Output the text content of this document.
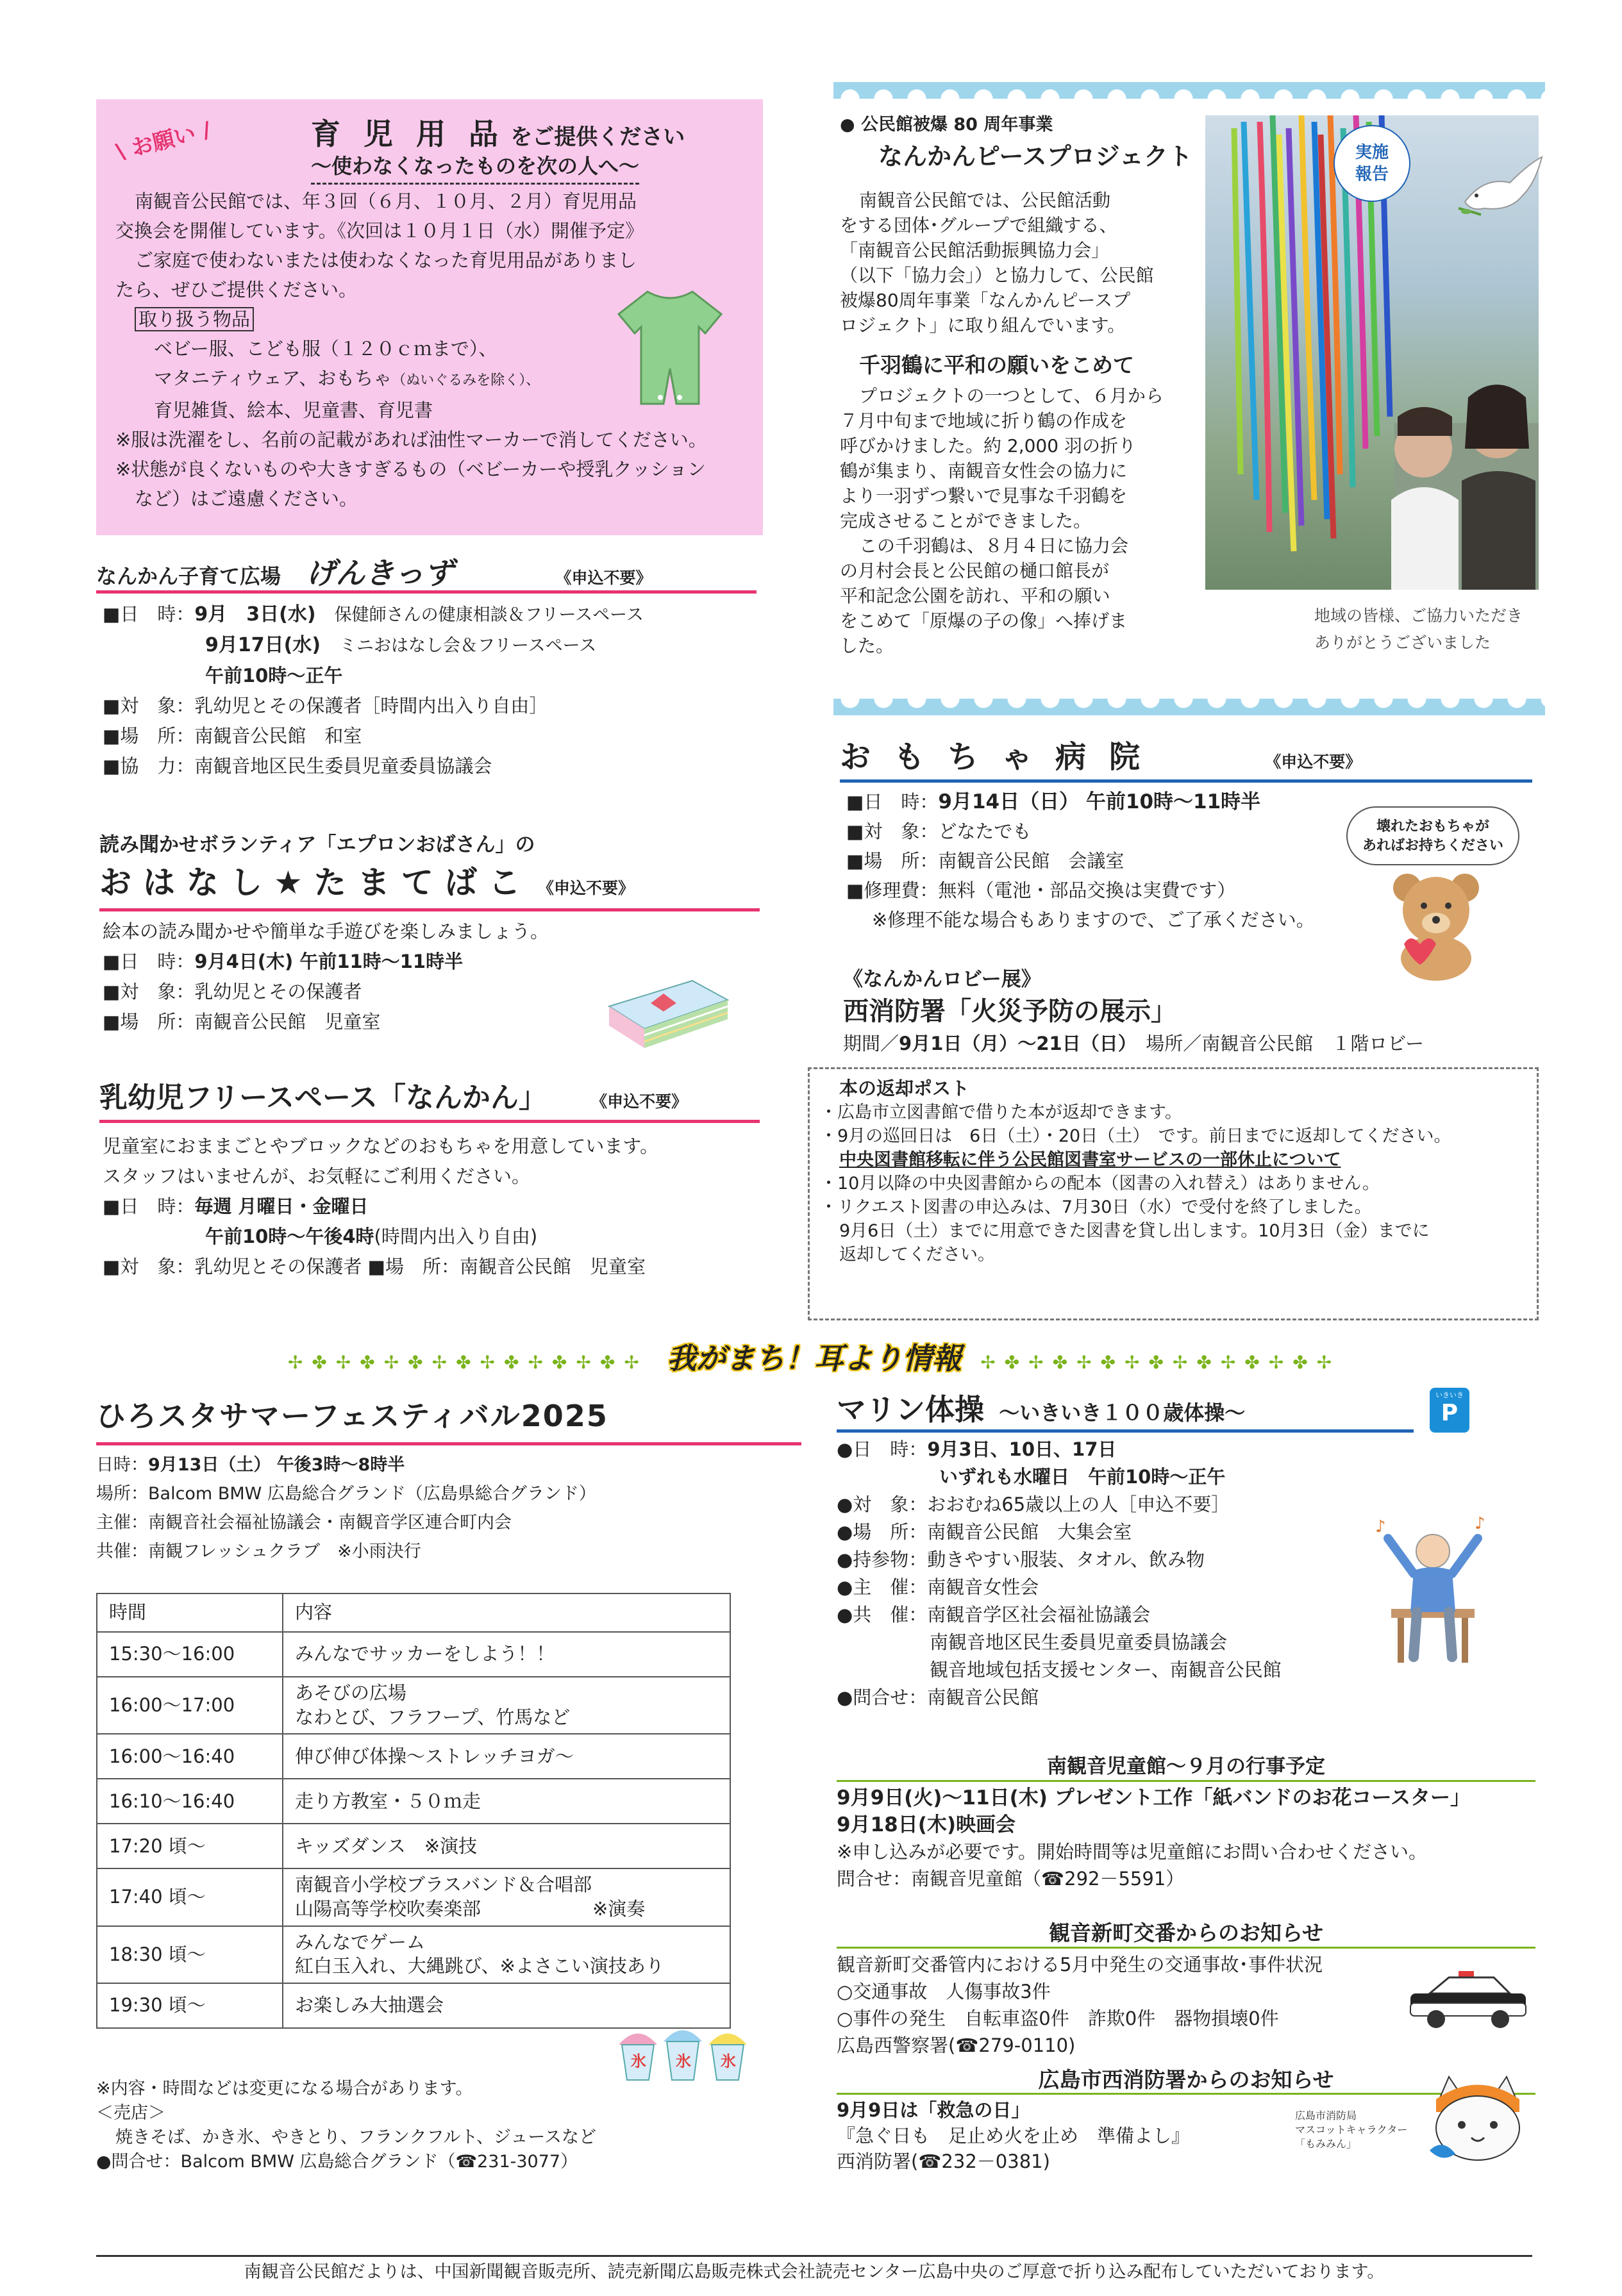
\ お願い /	育 児 用 品 をご提供ください
～使わなくなったものを次の人へ～
南観音公民館では、年３回（６月、１０月、２月）育児用品
交換会を開催しています。《次回は１０月１日（水）開催予定》
ご家庭で使わないまたは使わなくなった育児用品がありまし
たら、ぜひご提供ください。
取り扱う物品
ベビー服、こども服（１２０ｃｍまで）、
マタニティウェア、おもちゃ（ぬいぐるみを除く）、
育児雑貨、絵本、児童書、育児書
※服は洗濯をし、名前の記載があれば油性マーカーで消してください。
※状態が良くないものや大きすぎるもの（ベビーカーや授乳クッション
など）はご遠慮ください。
なんかん子育て広場 げんきっず	《申込不要》
■日　時：9月　3日(水)　 保健師さんの健康相談＆フリースペース
9月17日(水)　 ミニおはなし会＆フリースペース
午前10時～正午
■対　象：乳幼児とその保護者［時間内出入り自由］
■場　所：南観音公民館　和室
■協　力：南観音地区民生委員児童委員協議会
読み聞かせボランティア「エプロンおばさん」の
おはなし★たまてばこ 《申込不要》
絵本の読み聞かせや簡単な手遊びを楽しみましょう。
■日　時：9月4日(木) 午前11時～11時半
■対　象：乳幼児とその保護者
■場　所：南観音公民館　児童室
乳幼児フリースペース「なんかん」	《申込不要》
児童室におままごとやブロックなどのおもちゃを用意しています。
スタッフはいませんが、お気軽にご利用ください。
■日　時：毎週 月曜日・金曜日
午前10時～午後4時(時間内出入り自由)
■対　象：乳幼児とその保護者 ■場　所：南観音公民館　児童室
● 公民館被爆 80 周年事業
なんかんピースプロジェクト
南観音公民館では、公民館活動
をする団体･グループで組織する、
「南観音公民館活動振興協力会」
（以下「協力会」）と協力して、公民館
被爆80周年事業「なんかんピースプ
ロジェクト」に取り組んでいます。
千羽鶴に平和の願いをこめて
プロジェクトの一つとして、６月から
７月中旬まで地域に折り鶴の作成を
呼びかけました。約 2,000 羽の折り
鶴が集まり、南観音女性会の協力に
より一羽ずつ繋いで見事な千羽鶴を
完成させることができました。
この千羽鶴は、８月４日に協力会
の月村会長と公民館の樋口館長が
平和記念公園を訪れ、平和の願い
をこめて「原爆の子の像」へ捧げま
した。
実施
報告
地域の皆様、ご協力いただき
ありがとうございました
おもちゃ病院	《申込不要》
■日　時：9月14日（日） 午前10時～11時半
■対　象：どなたでも
■場　所：南観音公民館　会議室
■修理費：無料（電池・部品交換は実費です）
※修理不能な場合もありますので、ご了承ください。
壊れたおもちゃが
あればお持ちください
《なんかんロビー展》
西消防署「火災予防の展示」
期間／9月1日（月）～21日（日）　 場所／南観音公民館　１階ロビー
本の返却ポスト
・広島市立図書館で借りた本が返却できます。
・9月の巡回日は　6日（土）・20日（土）　です。前日までに返却してください。
中央図書館移転に伴う公民館図書室サービスの一部休止について
・10月以降の中央図書館からの配本（図書の入れ替え）はありません。
・リクエスト図書の申込みは、7月30日（水）で受付を終了しました。
9月6日（土）までに用意できた図書を貸し出します。10月3日（金）までに
返却してください。
✢✤✢✤✢✤✢✤✢✤✢✤✢✤✢ 我がまち！耳より情報 ✢✤✢✤✢✤✢✤✢✤✢✤✢✤✢
ひろスタサマーフェスティバル2025
日時：9月13日（土） 午後3時～8時半
場所：Balcom BMW 広島総合グランド（広島県総合グランド）
主催：南観音社会福祉協議会・南観音学区連合町内会
共催：南観フレッシュクラブ　※小雨決行
時間	内容
15:30～16:00	みんなでサッカーをしよう！！

16:00～17:00	あそびの広場
なわとび、フラフープ、竹馬など

16:00～16:40	伸び伸び体操～ストレッチヨガ～

16:10～16:40	走り方教室・５０ｍ走

17:20 頃～	キッズダンス　※演技

17:40 頃～	南観音小学校ブラスバンド＆合唱部
山陽高等学校吹奏楽部　　　　　　※演奏

18:30 頃～	みんなでゲーム
紅白玉入れ、大縄跳び、※よさこい演技あり

19:30 頃～	お楽しみ大抽選会
氷 氷 氷
※内容・時間などは変更になる場合があります。
＜売店＞
焼きそば、かき氷、やきとり、フランクフルト、ジュースなど
●問合せ：Balcom BMW 広島総合グランド（☎231-3077）
マリン体操 ～いきいき１００歳体操～
いきいき
P
●日　時：9月3日、10日、17日
いずれも水曜日　午前10時～正午
●対　象：おおむね65歳以上の人［申込不要］
●場　所：南観音公民館　大集会室
●持参物：動きやすい服装、タオル、飲み物
●主　催：南観音女性会
●共　催：南観音学区社会福祉協議会
南観音地区民生委員児童委員協議会
観音地域包括支援センター、南観音公民館
●問合せ：南観音公民館
♪	♪
南観音児童館～９月の行事予定
9月9日(火)～11日(木) プレゼント工作「紙バンドのお花コースター」
9月18日(木)映画会
※申し込みが必要です。開始時間等は児童館にお問い合わせください。
問合せ：南観音児童館（☎292－5591）
観音新町交番からのお知らせ
観音新町交番管内における5月中発生の交通事故･事件状況
○交通事故　人傷事故3件
○事件の発生　自転車盗0件　詐欺0件　器物損壊0件
広島西警察署(☎279-0110)
広島市西消防署からのお知らせ
9月9日は「救急の日」
『急ぐ日も　足止め火を止め　準備よし』
西消防署(☎232－0381)
広島市消防局
マスコットキャラクター
「もみみん」
南観音公民館だよりは、中国新聞観音販売所、読売新聞広島販売株式会社読売センター広島中央のご厚意で折り込み配布していただいております。
